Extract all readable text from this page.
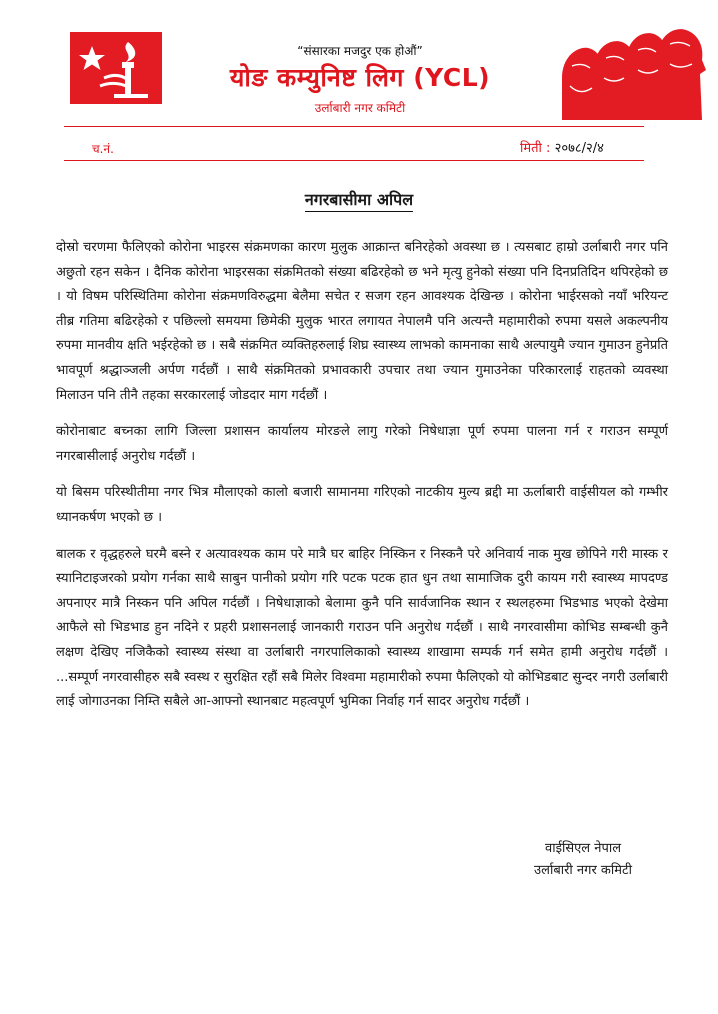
“संसारका मजदुर एक होऔं”
योङ कम्युनिष्ट लिग (YCL)
उर्लाबारी नगर कमिटी
च.नं.	मिती : २०७८/२/४
नगरबासीमा अपिल

दोस्रो चरणमा फैलिएको कोरोना भाइरस संक्रमणका कारण मुलुक आक्रान्त बनिरहेको अवस्था छ । त्यसबाट हाम्रो उर्लाबारी नगर पनि अछुतो रहन सकेन । दैनिक कोरोना भाइरसका संक्रमितको संख्या बढिरहेको छ भने मृत्यु हुनेको संख्या पनि दिनप्रतिदिन थपिरहेको छ । यो विषम परिस्थितिमा कोरोना संक्रमणविरुद्धमा बेलैमा सचेत र सजग रहन आवश्यक देखिन्छ । कोरोना भाईरसको नयाँ भरियन्ट तीब्र गतिमा बढिरहेको र पछिल्लो समयमा छिमेकी मुलुक भारत लगायत नेपालमै पनि अत्यन्तै महामारीको रुपमा यसले अकल्पनीय रुपमा मानवीय क्षति भईरहेको छ । सबै संक्रमित व्यक्तिहरुलाई शिघ्र स्वास्थ्य लाभको कामनाका साथै अल्पायुमै ज्यान गुमाउन हुनेप्रति भावपूर्ण श्रद्धाञ्जली अर्पण गर्दछौं । साथै संक्रमितको प्रभावकारी उपचार तथा ज्यान गुमाउनेका परिकारलाई राहतको व्यवस्था मिलाउन पनि तीनै तहका सरकारलाई जोडदार माग गर्दछौं ।

कोरोनाबाट बच्नका लागि जिल्ला प्रशासन कार्यालय मोरङले लागु गरेको निषेधाज्ञा पूर्ण रुपमा पालना गर्न र गराउन सम्पूर्ण नगरबासीलाई अनुरोध गर्दछौं ।

यो बिसम परिस्थीतीमा नगर भित्र मौलाएको कालो बजारी सामानमा गरिएको नाटकीय मुल्य ब्रद्दी मा ऊर्लाबारी वाईसीयल को गम्भीर ध्यानकर्षण भएको छ ।

बालक र वृद्धहरुले घरमै बस्ने र अत्यावश्यक काम परे मात्रै घर बाहिर निस्किन र निस्कनै परे अनिवार्य नाक मुख छोपिने गरी मास्क र स्यानिटाइजरको प्रयोग गर्नका साथै साबुन पानीको प्रयोग गरि पटक पटक हात धुन तथा सामाजिक दुरी कायम गरी स्वास्थ्य मापदण्ड अपनाएर मात्रै निस्कन पनि अपिल गर्दछौं । निषेधाज्ञाको बेलामा कुनै पनि सार्वजानिक स्थान र स्थलहरुमा भिडभाड भएको देखेमा आफैले सो भिडभाड हुन नदिने र प्रहरी प्रशासनलाई जानकारी गराउन पनि अनुरोध गर्दछौं । साथै नगरवासीमा कोभिड सम्बन्धी कुनै लक्षण देखिए नजिकैको स्वास्थ्य संस्था वा उर्लाबारी नगरपालिकाको स्वास्थ्य शाखामा सम्पर्क गर्न समेत हामी अनुरोध गर्दछौं । ...सम्पूर्ण नगरवासीहरु सबै स्वस्थ र सुरक्षित रहौं सबै मिलेर विश्वमा महामारीको रुपमा फैलिएको यो कोभिडबाट सुन्दर नगरी उर्लाबारी लाई जोगाउनका निम्ति सबैले आ-आफ्नो स्थानबाट महत्वपूर्ण भुमिका निर्वाह गर्न सादर अनुरोध गर्दछौं ।

वाईसिएल नेपाल
उर्लाबारी नगर कमिटी
